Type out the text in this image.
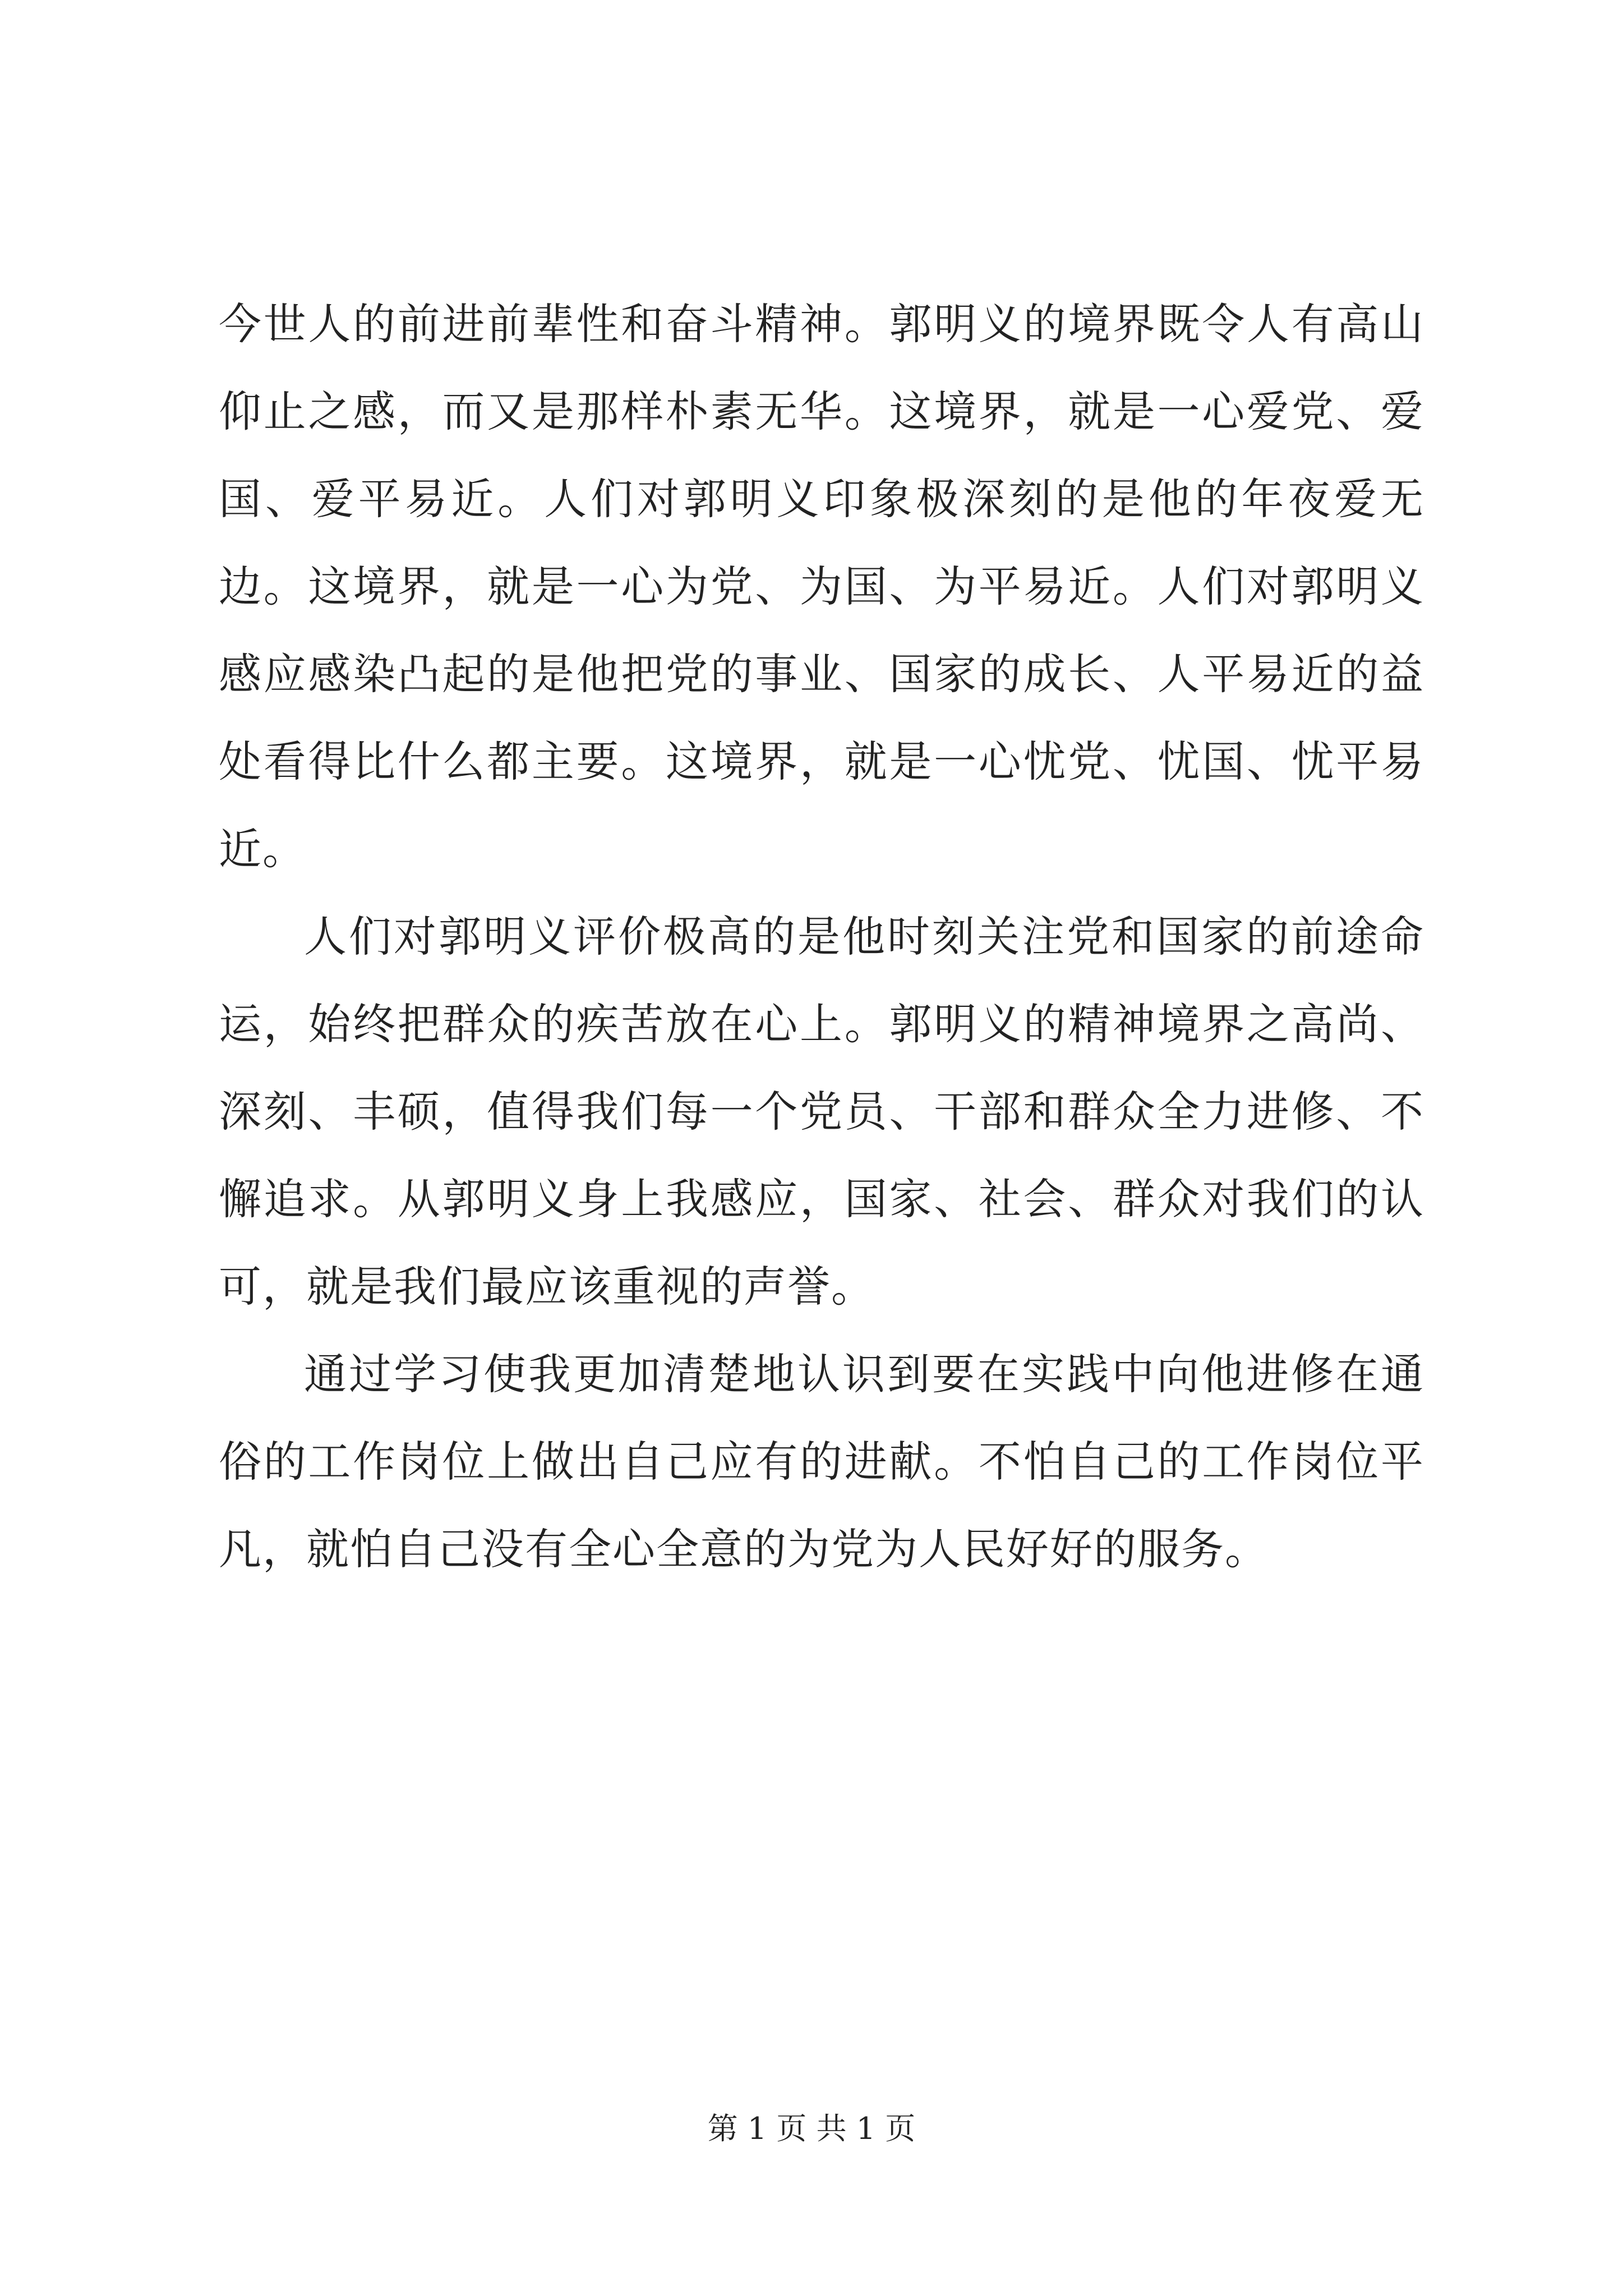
今世人的前进前辈性和奋斗精神。郭明义的境界既令人有高山仰止之感，而又是那样朴素无华。这境界，就是一心爱党、爱国、爱平易近。人们对郭明义印象极深刻的是他的年夜爱无边。这境界，就是一心为党、为国、为平易近。人们对郭明义感应感染凸起的是他把党的事业、国家的成长、人平易近的益处看得比什么都主要。这境界，就是一心忧党、忧国、忧平易近。

人们对郭明义评价极高的是他时刻关注党和国家的前途命运，始终把群众的疾苦放在心上。郭明义的精神境界之高尚、深刻、丰硕，值得我们每一个党员、干部和群众全力进修、不懈追求。从郭明义身上我感应，国家、社会、群众对我们的认可，就是我们最应该重视的声誉。

通过学习使我更加清楚地认识到要在实践中向他进修在通俗的工作岗位上做出自己应有的进献。不怕自己的工作岗位平凡，就怕自己没有全心全意的为党为人民好好的服务。

第 1 页 共 1 页
